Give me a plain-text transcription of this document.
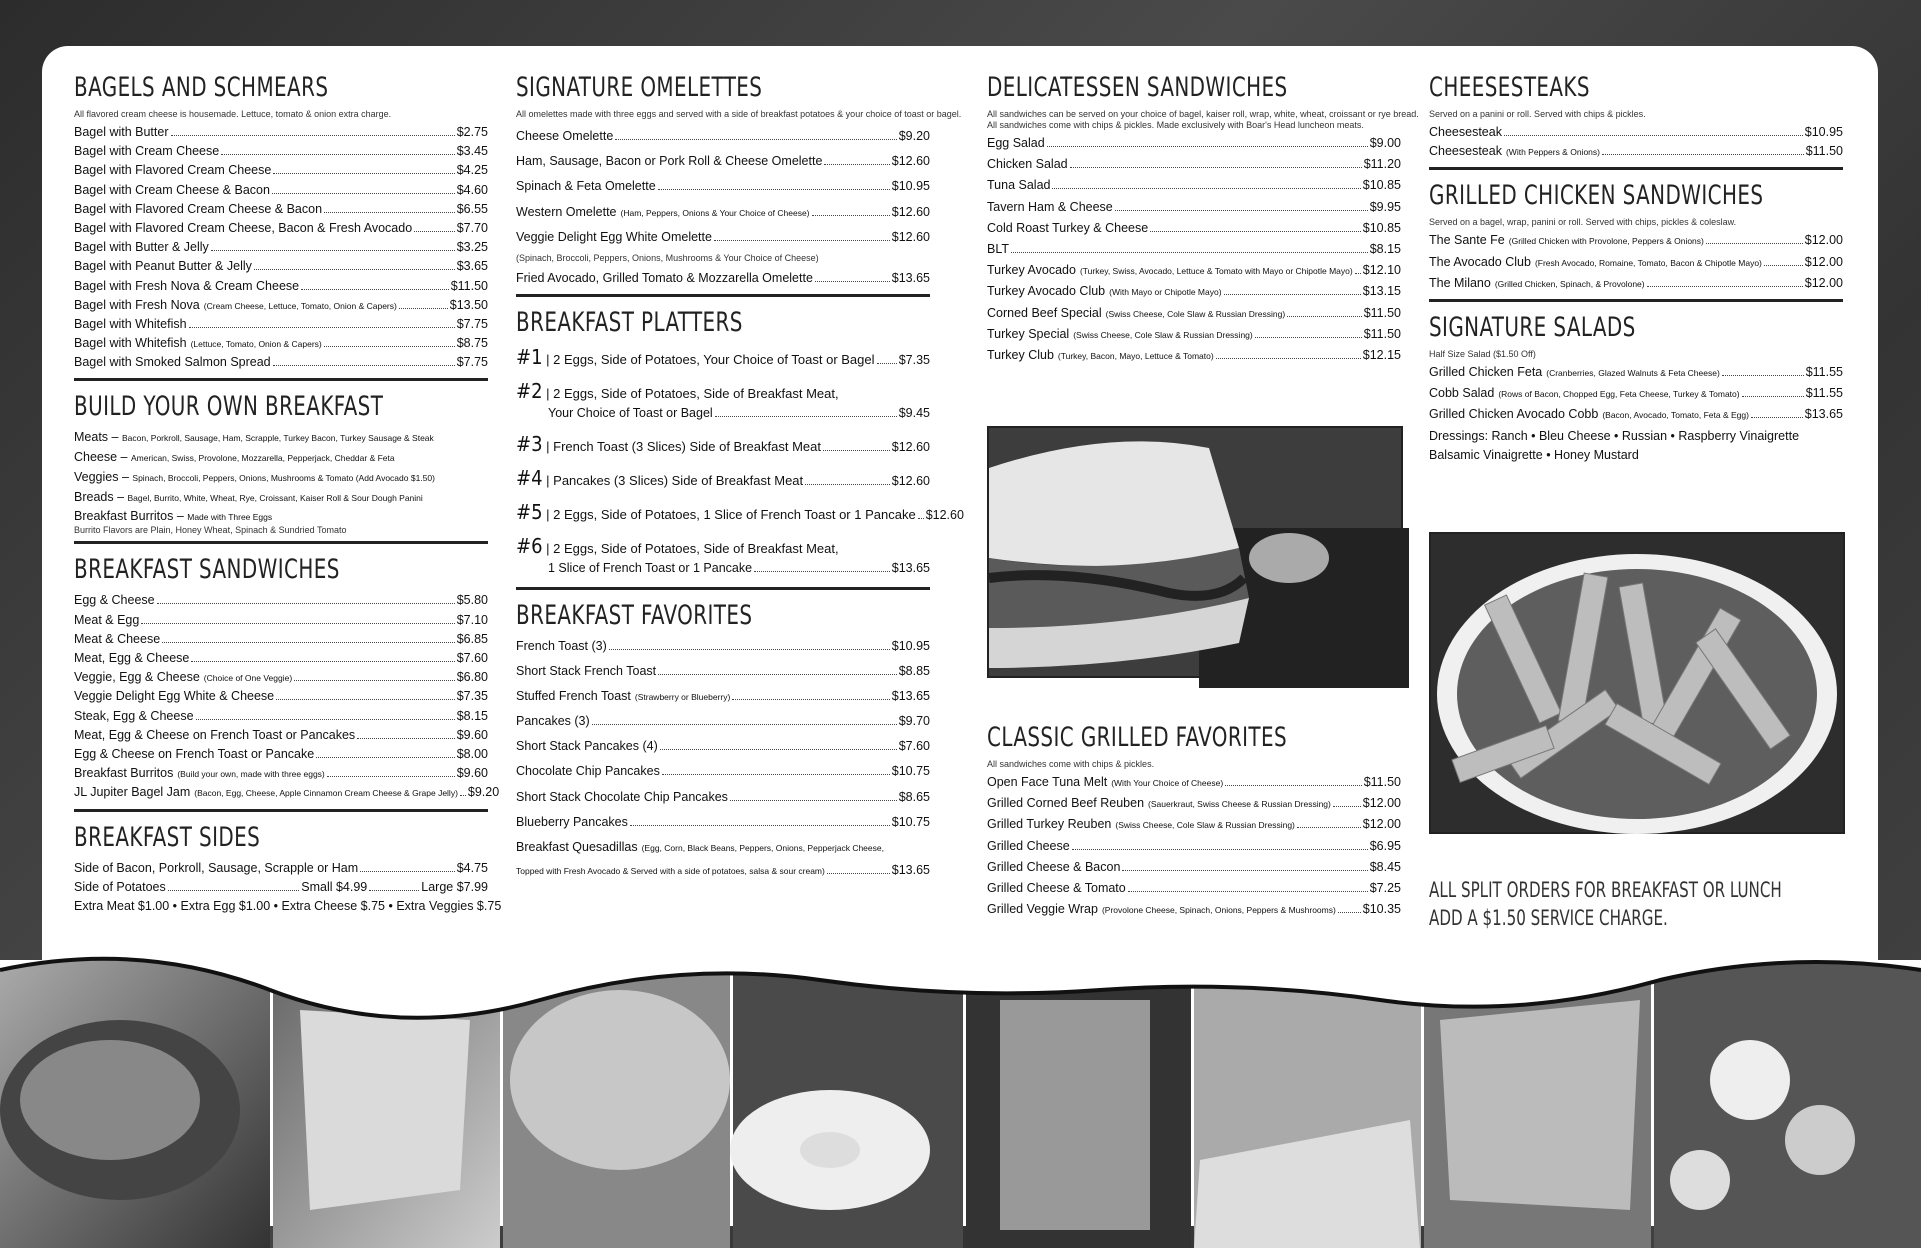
BAGELS AND SCHMEARS
All flavored cream cheese is housemade. Lettuce, tomato & onion extra charge.
Bagel with Butter	$2.75
Bagel with Cream Cheese	$3.45
Bagel with Flavored Cream Cheese	$4.25
Bagel with Cream Cheese & Bacon	$4.60
Bagel with Flavored Cream Cheese & Bacon	$6.55
Bagel with Flavored Cream Cheese, Bacon & Fresh Avocado	$7.70
Bagel with Butter & Jelly	$3.25
Bagel with Peanut Butter & Jelly	$3.65
Bagel with Fresh Nova & Cream Cheese	$11.50
Bagel with Fresh Nova (Cream Cheese, Lettuce, Tomato, Onion & Capers)	$13.50
Bagel with Whitefish	$7.75
Bagel with Whitefish (Lettuce, Tomato, Onion & Capers)	$8.75
Bagel with Smoked Salmon Spread	$7.75
BUILD YOUR OWN BREAKFAST
Meats – Bacon, Porkroll, Sausage, Ham, Scrapple, Turkey Bacon, Turkey Sausage & Steak
Cheese – American, Swiss, Provolone, Mozzarella, Pepperjack, Cheddar & Feta
Veggies – Spinach, Broccoli, Peppers, Onions, Mushrooms & Tomato (Add Avocado $1.50)
Breads – Bagel, Burrito, White, Wheat, Rye, Croissant, Kaiser Roll & Sour Dough Panini
Breakfast Burritos – Made with Three Eggs
Burrito Flavors are Plain, Honey Wheat, Spinach & Sundried Tomato
BREAKFAST SANDWICHES
Egg & Cheese	$5.80
Meat & Egg	$7.10
Meat & Cheese	$6.85
Meat, Egg & Cheese	$7.60
Veggie, Egg & Cheese (Choice of One Veggie)	$6.80
Veggie Delight Egg White & Cheese	$7.35
Steak, Egg & Cheese	$8.15
Meat, Egg & Cheese on French Toast or Pancakes	$9.60
Egg & Cheese on French Toast or Pancake	$8.00
Breakfast Burritos (Build your own, made with three eggs)	$9.60
JL Jupiter Bagel Jam (Bacon, Egg, Cheese, Apple Cinnamon Cream Cheese & Grape Jelly) $9.20
BREAKFAST SIDES
Side of Bacon, Porkroll, Sausage, Scrapple or Ham	$4.75
Side of Potatoes	Small $4.99	Large $7.99
Extra Meat $1.00 • Extra Egg $1.00 • Extra Cheese $.75 • Extra Veggies $.75
SIGNATURE OMELETTES
All omelettes made with three eggs and served with a side of breakfast potatoes & your choice of toast or bagel.
Cheese Omelette	$9.20
Ham, Sausage, Bacon or Pork Roll & Cheese Omelette	$12.60
Spinach & Feta Omelette	$10.95
Western Omelette (Ham, Peppers, Onions & Your Choice of Cheese)	$12.60
Veggie Delight Egg White Omelette	$12.60
(Spinach, Broccoli, Peppers, Onions, Mushrooms & Your Choice of Cheese)
Fried Avocado, Grilled Tomato & Mozzarella Omelette	$13.65
BREAKFAST PLATTERS
#1 | 2 Eggs, Side of Potatoes, Your Choice of Toast or Bagel $7.35
#2 | 2 Eggs, Side of Potatoes, Side of Breakfast Meat,
Your Choice of Toast or Bagel	$9.45
#3 | French Toast (3 Slices) Side of Breakfast Meat	$12.60
#4 | Pancakes (3 Slices) Side of Breakfast Meat	$12.60
#5 | 2 Eggs, Side of Potatoes, 1 Slice of French Toast or 1 Pancake $12.60
#6 | 2 Eggs, Side of Potatoes, Side of Breakfast Meat,
1 Slice of French Toast or 1 Pancake	$13.65
BREAKFAST FAVORITES
French Toast (3)	$10.95
Short Stack French Toast	$8.85
Stuffed French Toast (Strawberry or Blueberry)	$13.65
Pancakes (3)	$9.70
Short Stack Pancakes (4)	$7.60
Chocolate Chip Pancakes	$10.75
Short Stack Chocolate Chip Pancakes	$8.65
Blueberry Pancakes	$10.75
Breakfast Quesadillas (Egg, Corn, Black Beans, Peppers, Onions, Pepperjack Cheese,
Topped with Fresh Avocado & Served with a side of potatoes, salsa & sour cream)	$13.65
DELICATESSEN SANDWICHES
All sandwiches can be served on your choice of bagel, kaiser roll, wrap, white, wheat, croissant or rye bread.
All sandwiches come with chips & pickles. Made exclusively with Boar's Head luncheon meats.
Egg Salad	$9.00
Chicken Salad	$11.20
Tuna Salad	$10.85
Tavern Ham & Cheese	$9.95
Cold Roast Turkey & Cheese	$10.85
BLT	$8.15
Turkey Avocado (Turkey, Swiss, Avocado, Lettuce & Tomato with Mayo or Chipotle Mayo) $12.10
Turkey Avocado Club (With Mayo or Chipotle Mayo)	$13.15
Corned Beef Special (Swiss Cheese, Cole Slaw & Russian Dressing)	$11.50
Turkey Special (Swiss Cheese, Cole Slaw & Russian Dressing)	$11.50
Turkey Club (Turkey, Bacon, Mayo, Lettuce & Tomato)	$12.15
CLASSIC GRILLED FAVORITES
All sandwiches come with chips & pickles.
Open Face Tuna Melt (With Your Choice of Cheese)	$11.50
Grilled Corned Beef Reuben (Sauerkraut, Swiss Cheese & Russian Dressing)	$12.00
Grilled Turkey Reuben (Swiss Cheese, Cole Slaw & Russian Dressing)	$12.00
Grilled Cheese	$6.95
Grilled Cheese & Bacon	$8.45
Grilled Cheese & Tomato	$7.25
Grilled Veggie Wrap (Provolone Cheese, Spinach, Onions, Peppers & Mushrooms) $10.35
CHEESESTEAKS
Served on a panini or roll. Served with chips & pickles.
Cheesesteak	$10.95
Cheesesteak (With Peppers & Onions)	$11.50
GRILLED CHICKEN SANDWICHES
Served on a bagel, wrap, panini or roll. Served with chips, pickles & coleslaw.
The Sante Fe (Grilled Chicken with Provolone, Peppers & Onions)	$12.00
The Avocado Club (Fresh Avocado, Romaine, Tomato, Bacon & Chipotle Mayo)	$12.00
The Milano (Grilled Chicken, Spinach, & Provolone)	$12.00
SIGNATURE SALADS
Half Size Salad ($1.50 Off)
Grilled Chicken Feta (Cranberries, Glazed Walnuts & Feta Cheese)	$11.55
Cobb Salad (Rows of Bacon, Chopped Egg, Feta Cheese, Turkey & Tomato)	$11.55
Grilled Chicken Avocado Cobb (Bacon, Avocado, Tomato, Feta & Egg)	$13.65
Dressings: Ranch • Bleu Cheese • Russian • Raspberry Vinaigrette
Balsamic Vinaigrette • Honey Mustard
ALL SPLIT ORDERS FOR BREAKFAST OR LUNCH
ADD A $1.50 SERVICE CHARGE.
